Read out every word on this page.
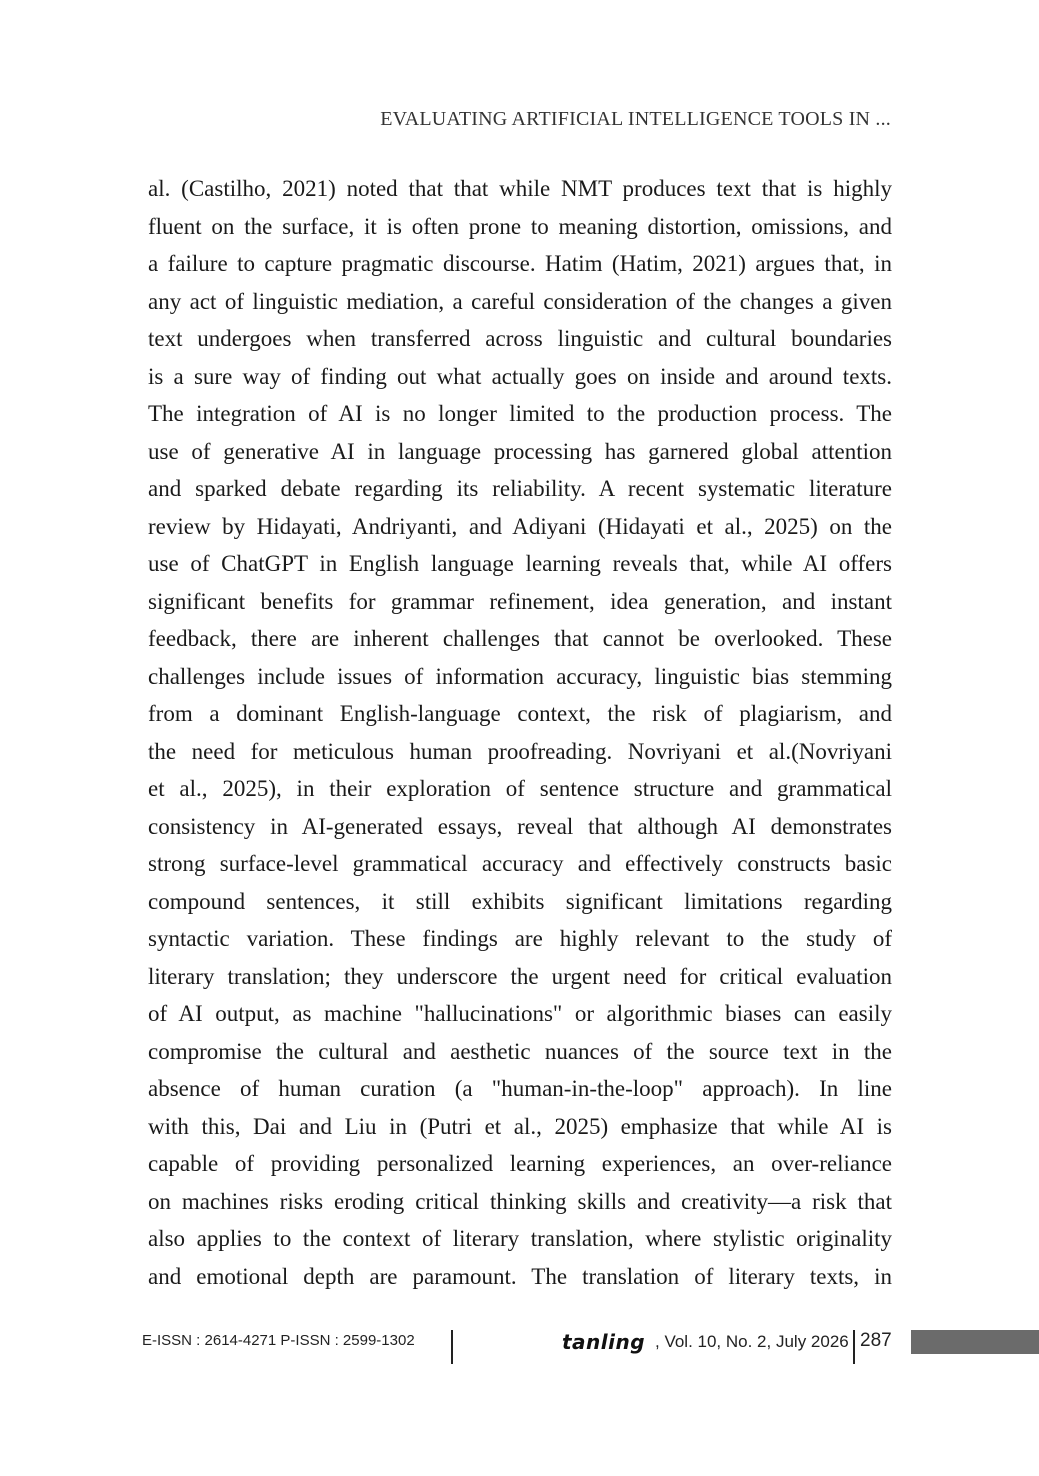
EVALUATING ARTIFICIAL INTELLIGENCE TOOLS IN ...
al. (Castilho, 2021) noted that that while NMT produces text that is highly
fluent on the surface, it is often prone to meaning distortion, omissions, and
a failure to capture pragmatic discourse. Hatim (Hatim, 2021) argues that, in
any act of linguistic mediation, a careful consideration of the changes a given
text undergoes when transferred across linguistic and cultural boundaries
is a sure way of finding out what actually goes on inside and around texts.
The integration of AI is no longer limited to the production process. The
use of generative AI in language processing has garnered global attention
and sparked debate regarding its reliability. A recent systematic literature
review by Hidayati, Andriyanti, and Adiyani (Hidayati et al., 2025) on the
use of ChatGPT in English language learning reveals that, while AI offers
significant benefits for grammar refinement, idea generation, and instant
feedback, there are inherent challenges that cannot be overlooked. These
challenges include issues of information accuracy, linguistic bias stemming
from a dominant English-language context, the risk of plagiarism, and
the need for meticulous human proofreading. Novriyani et al.(Novriyani
et al., 2025), in their exploration of sentence structure and grammatical
consistency in AI-generated essays, reveal that although AI demonstrates
strong surface-level grammatical accuracy and effectively constructs basic
compound sentences, it still exhibits significant limitations regarding
syntactic variation. These findings are highly relevant to the study of
literary translation; they underscore the urgent need for critical evaluation
of AI output, as machine "hallucinations" or algorithmic biases can easily
compromise the cultural and aesthetic nuances of the source text in the
absence of human curation (a "human-in-the-loop" approach). In line
with this, Dai and Liu in (Putri et al., 2025) emphasize that while AI is
capable of providing personalized learning experiences, an over-reliance
on machines risks eroding critical thinking skills and creativity—a risk that
also applies to the context of literary translation, where stylistic originality
and emotional depth are paramount. The translation of literary texts, in
E-ISSN : 2614-4271 P-ISSN : 2599-1302	tanling , Vol. 10, No. 2, July 2026 287
